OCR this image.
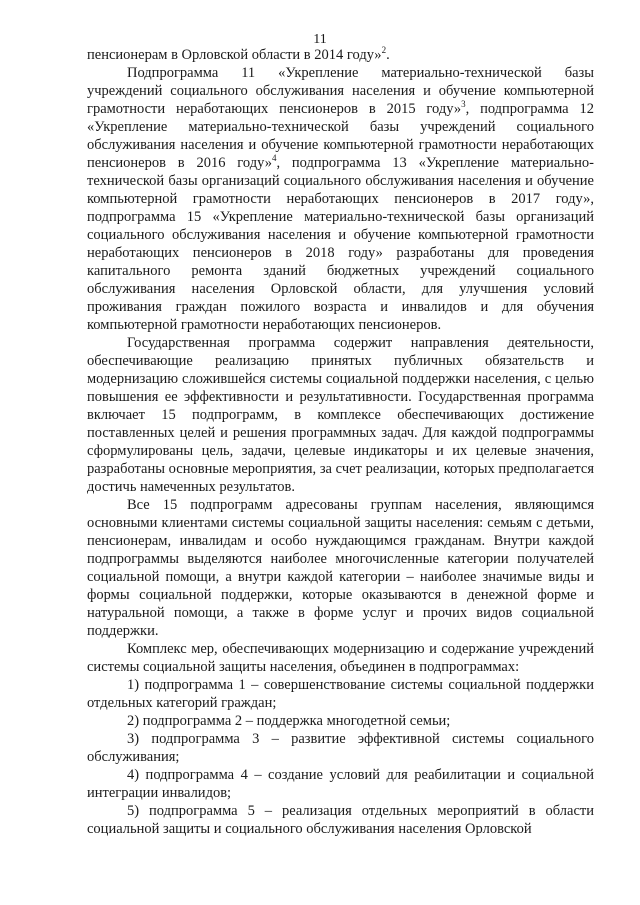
11

пенсионерам в Орловской области в 2014 году»$^2$.

Подпрограмма 11 «Укрепление материально-технической базы учреждений социального обслуживания населения и обучение компьютерной грамотности неработающих пенсионеров в 2015 году»$^3$, подпрограмма 12 «Укрепление материально-технической базы учреждений социального обслуживания населения и обучение компьютерной грамотности неработающих пенсионеров в 2016 году»$^4$, подпрограмма 13 «Укрепление материально-технической базы организаций социального обслуживания населения и обучение компьютерной грамотности неработающих пенсионеров в 2017 году», подпрограмма 15 «Укрепление материально-технической базы организаций социального обслуживания населения и обучение компьютерной грамотности неработающих пенсионеров в 2018 году» разработаны для проведения капитального ремонта зданий бюджетных учреждений социального обслуживания населения Орловской области, для улучшения условий проживания граждан пожилого возраста и инвалидов и для обучения компьютерной грамотности неработающих пенсионеров.

Государственная программа содержит направления деятельности, обеспечивающие реализацию принятых публичных обязательств и модернизацию сложившейся системы социальной поддержки населения, с целью повышения ее эффективности и результативности. Государственная программа включает 15 подпрограмм, в комплексе обеспечивающих достижение поставленных целей и решения программных задач. Для каждой подпрограммы сформулированы цель, задачи, целевые индикаторы и их целевые значения, разработаны основные мероприятия, за счет реализации, которых предполагается достичь намеченных результатов.

Все 15 подпрограмм адресованы группам населения, являющимся основными клиентами системы социальной защиты населения: семьям с детьми, пенсионерам, инвалидам и особо нуждающимся гражданам. Внутри каждой подпрограммы выделяются наиболее многочисленные категории получателей социальной помощи, а внутри каждой категории – наиболее значимые виды и формы социальной поддержки, которые оказываются в денежной форме и натуральной помощи, а также в форме услуг и прочих видов социальной поддержки.

Комплекс мер, обеспечивающих модернизацию и содержание учреждений системы социальной защиты населения, объединен в подпрограммах:

1) подпрограмма 1 – совершенствование системы социальной поддержки отдельных категорий граждан;

2) подпрограмма 2 – поддержка многодетной семьи;

3) подпрограмма 3 – развитие эффективной системы социального обслуживания;

4) подпрограмма 4 – создание условий для реабилитации и социальной интеграции инвалидов;

5) подпрограмма 5 – реализация отдельных мероприятий в области социальной защиты и социального обслуживания населения Орловской
